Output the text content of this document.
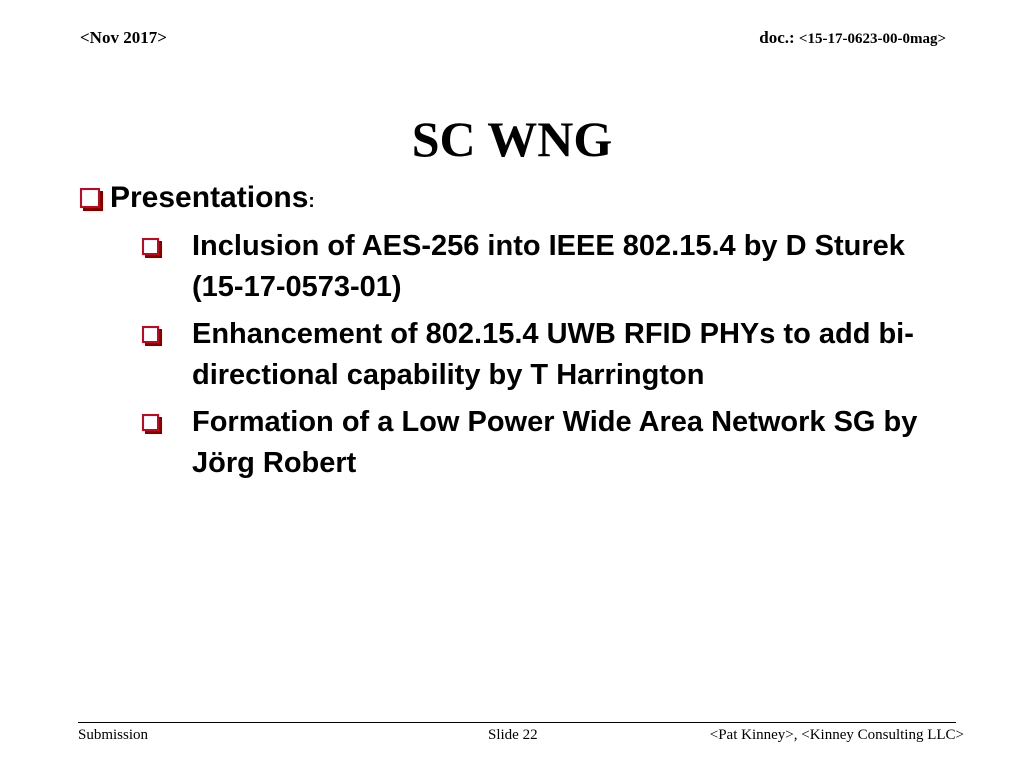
<Nov 2017>	doc.: <15-17-0623-00-0mag>
SC WNG
Presentations:
Inclusion of AES-256 into IEEE 802.15.4 by D Sturek (15-17-0573-01)
Enhancement of 802.15.4 UWB RFID PHYs to add bi-directional capability by T Harrington
Formation of a Low Power Wide Area Network SG by Jörg Robert
Submission	Slide 22	<Pat Kinney>, <Kinney Consulting LLC>
